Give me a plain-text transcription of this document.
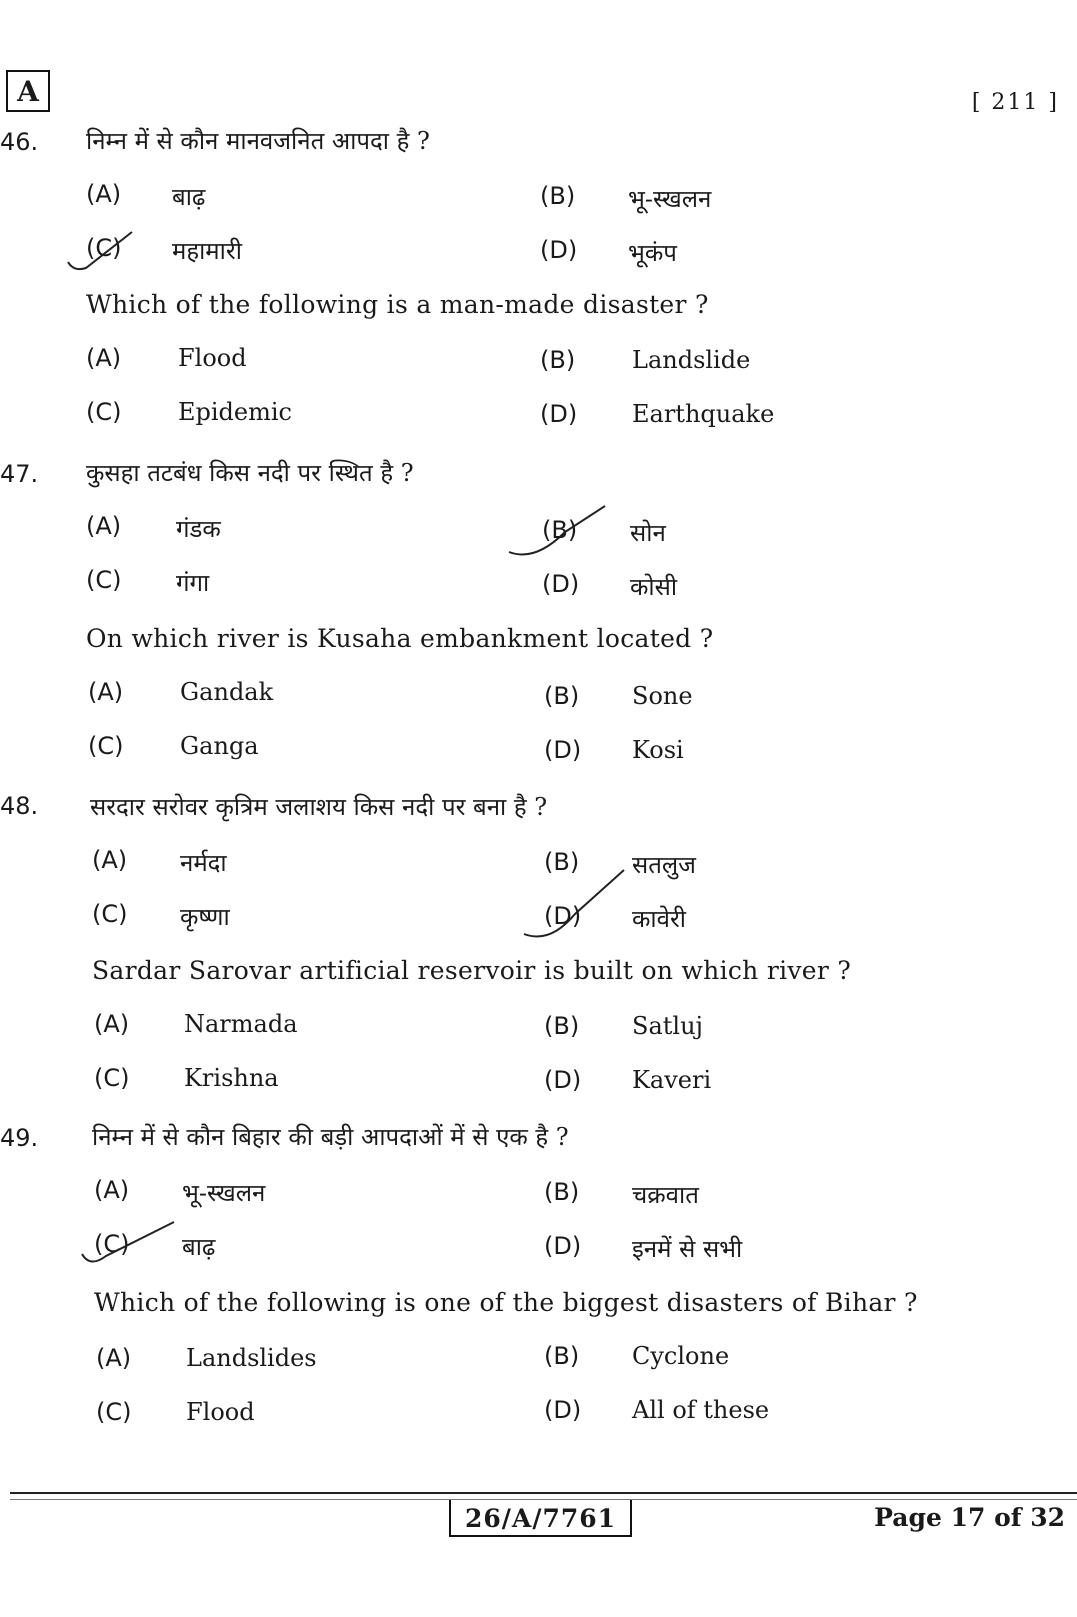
A	[ 211 ]
46. निम्न में से कौन मानवजनित आपदा है ?
(A) बाढ़	(B) भू-स्खलन
(C) महामारी	(D) भूकंप
Which of the following is a man-made disaster ?
(A) Flood	(B) Landslide
(C) Epidemic	(D) Earthquake
47. कुसहा तटबंध किस नदी पर स्थित है ?
(A) गंडक	(B) सोन
(C) गंगा	(D) कोसी
On which river is Kusaha embankment located ?
(A) Gandak	(B) Sone
(C) Ganga	(D) Kosi
48. सरदार सरोवर कृत्रिम जलाशय किस नदी पर बना है ?
(A) नर्मदा	(B) सतलुज
(C) कृष्णा	(D) कावेरी
Sardar Sarovar artificial reservoir is built on which river ?
(A) Narmada	(B) Satluj
(C) Krishna	(D) Kaveri
49. निम्न में से कौन बिहार की बड़ी आपदाओं में से एक है ?
(A) भू-स्खलन	(B) चक्रवात
(C) बाढ़	(D) इनमें से सभी
Which of the following is one of the biggest disasters of Bihar ?
(A) Landslides	(B) Cyclone
(C) Flood	(D) All of these
26/A/7761	Page 17 of 32
